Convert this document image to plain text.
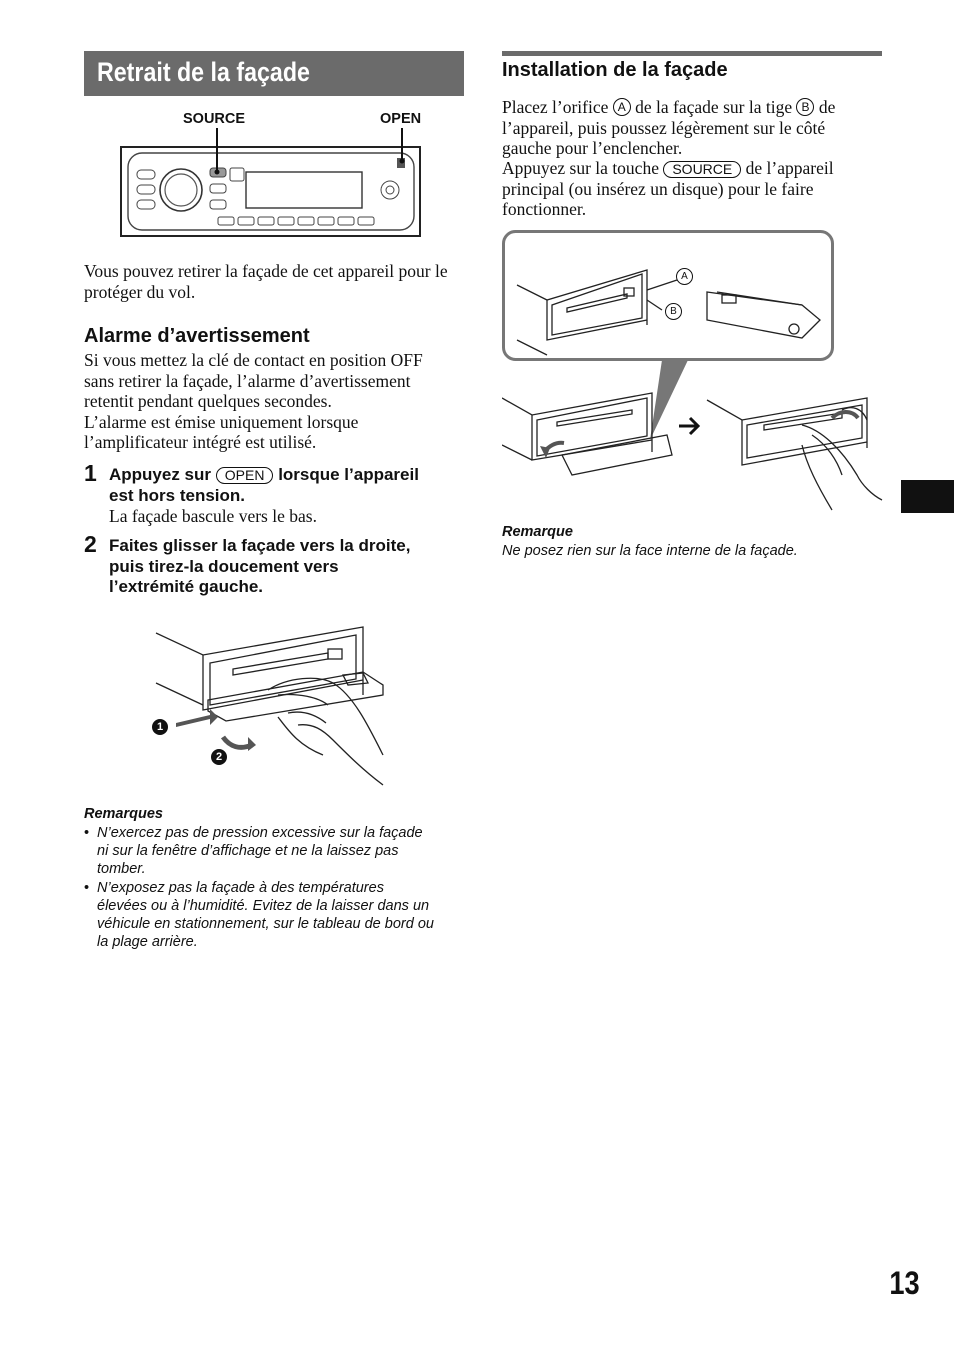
Retrait de la façade
SOURCE	OPEN
Vous pouvez retirer la façade de cet appareil pour le protéger du vol.
Alarme d’avertissement
Si vous mettez la clé de contact en position OFF
sans retirer la façade, l’alarme d’avertissement
retentit pendant quelques secondes.
L’alarme est émise uniquement lorsque
l’amplificateur intégré est utilisé.
1 Appuyez sur OPEN lorsque l’appareil
est hors tension.
La façade bascule vers le bas.
2 Faites glisser la façade vers la droite,
puis tirez-la doucement vers
l’extrémité gauche.
1
2
Remarques
• N’exercez pas de pression excessive sur la façade
ni sur la fenêtre d’affichage et ne la laissez pas
tomber.
• N’exposez pas la façade à des températures
élevées ou à l’humidité. Evitez de la laisser dans un
véhicule en stationnement, sur le tableau de bord ou
la plage arrière.
Installation de la façade
Placez l’orifice A de la façade sur la tige B de
l’appareil, puis poussez légèrement sur le côté
gauche pour l’enclencher.
Appuyez sur la touche SOURCE de l’appareil
principal (ou insérez un disque) pour le faire
fonctionner.
A
B
Remarque
Ne posez rien sur la face interne de la façade.
13
